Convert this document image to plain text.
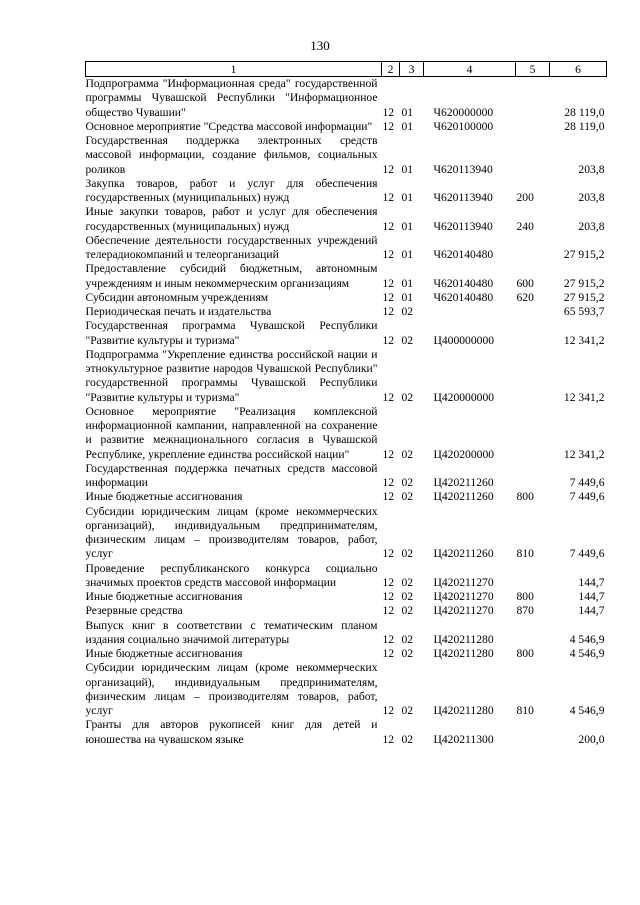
130
1	2	3	4	5	6
Подпрограмма "Информационная среда" государственной программы Чувашской Республики "Информационное общество Чувашии"	12	01	Ч620000000		28 119,0
Основное мероприятие "Средства массовой информации"	12	01	Ч620100000		28 119,0
Государственная поддержка электронных средств массовой информации, создание фильмов, социальных роликов	12	01	Ч620113940		203,8
Закупка товаров, работ и услуг для обеспечения государственных (муниципальных) нужд	12	01	Ч620113940	200	203,8
Иные закупки товаров, работ и услуг для обеспечения государственных (муниципальных) нужд	12	01	Ч620113940	240	203,8
Обеспечение деятельности государственных учреждений телерадиокомпаний и телеорганизаций	12	01	Ч620140480		27 915,2
Предоставление субсидий бюджетным, автономным учреждениям и иным некоммерческим организациям	12	01	Ч620140480	600	27 915,2
Субсидии автономным учреждениям	12	01	Ч620140480	620	27 915,2
Периодическая печать и издательства	12	02			65 593,7
Государственная программа Чувашской Республики "Развитие культуры и туризма"	12	02	Ц400000000		12 341,2
Подпрограмма "Укрепление единства российской нации и этнокультурное развитие народов Чувашской Республики" государственной программы Чувашской Республики "Развитие культуры и туризма"	12	02	Ц420000000		12 341,2
Основное мероприятие "Реализация комплексной информационной кампании, направленной на сохранение и развитие межнационального согласия в Чувашской Республике, укрепление единства российской нации"	12	02	Ц420200000		12 341,2
Государственная поддержка печатных средств массовой информации	12	02	Ц420211260		7 449,6
Иные бюджетные ассигнования	12	02	Ц420211260	800	7 449,6
Субсидии юридическим лицам (кроме некоммерческих организаций), индивидуальным предпринимателям, физическим лицам – производителям товаров, работ, услуг	12	02	Ц420211260	810	7 449,6
Проведение республиканского конкурса социально значимых проектов средств массовой информации	12	02	Ц420211270		144,7
Иные бюджетные ассигнования	12	02	Ц420211270	800	144,7
Резервные средства	12	02	Ц420211270	870	144,7
Выпуск книг в соответствии с тематическим планом издания социально значимой литературы	12	02	Ц420211280		4 546,9
Иные бюджетные ассигнования	12	02	Ц420211280	800	4 546,9
Субсидии юридическим лицам (кроме некоммерческих организаций), индивидуальным предпринимателям, физическим лицам – производителям товаров, работ, услуг	12	02	Ц420211280	810	4 546,9
Гранты для авторов рукописей книг для детей и юношества на чувашском языке	12	02	Ц420211300		200,0
